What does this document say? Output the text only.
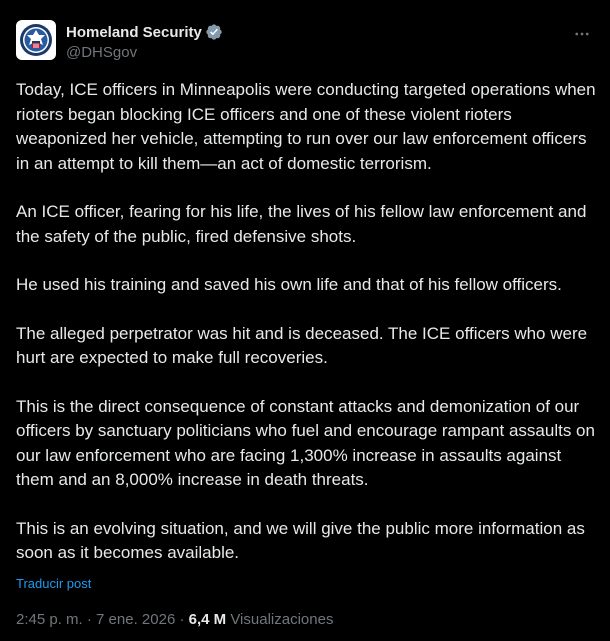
Homeland Security
@DHSgov

Today, ICE officers in Minneapolis were conducting targeted operations when rioters began blocking ICE officers and one of these violent rioters weaponized her vehicle, attempting to run over our law enforcement officers in an attempt to kill them—an act of domestic terrorism.

An ICE officer, fearing for his life, the lives of his fellow law enforcement and the safety of the public, fired defensive shots.

He used his training and saved his own life and that of his fellow officers.

The alleged perpetrator was hit and is deceased. The ICE officers who were hurt are expected to make full recoveries.

This is the direct consequence of constant attacks and demonization of our officers by sanctuary politicians who fuel and encourage rampant assaults on our law enforcement who are facing 1,300% increase in assaults against them and an 8,000% increase in death threats.

This is an evolving situation, and we will give the public more information as soon as it becomes available.

Traducir post
2:45 p. m. · 7 ene. 2026 · 6,4 M Visualizaciones
